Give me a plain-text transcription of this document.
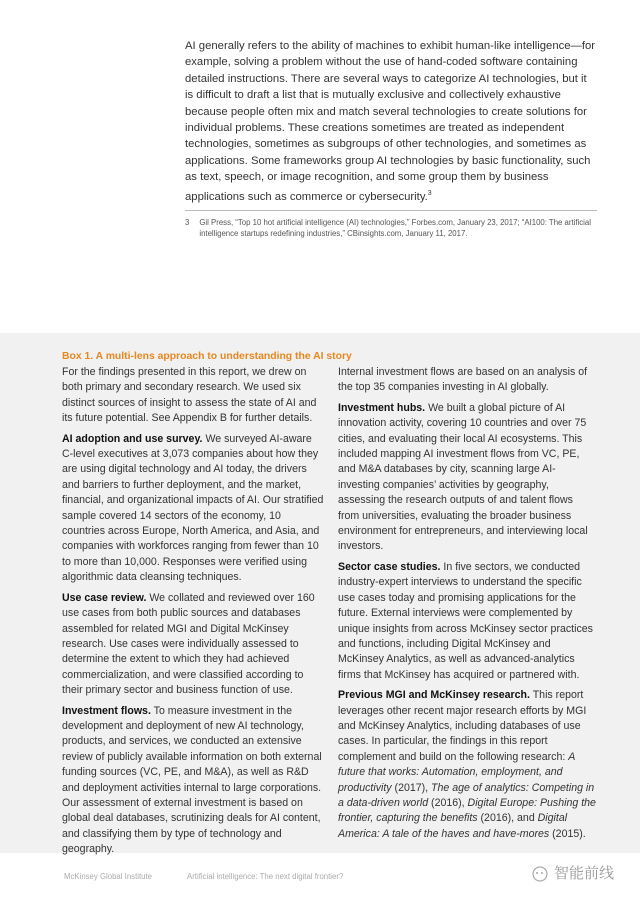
AI generally refers to the ability of machines to exhibit human-like intelligence—for example, solving a problem without the use of hand-coded software containing detailed instructions. There are several ways to categorize AI technologies, but it is difficult to draft a list that is mutually exclusive and collectively exhaustive because people often mix and match several technologies to create solutions for individual problems. These creations sometimes are treated as independent technologies, sometimes as subgroups of other technologies, and sometimes as applications. Some frameworks group AI technologies by basic functionality, such as text, speech, or image recognition, and some group them by business applications such as commerce or cybersecurity.$^3$
3 Gil Press, “Top 10 hot artificial intelligence (AI) technologies,” Forbes.com, January 23, 2017; “AI100: The artificial intelligence startups redefining industries,” CBinsights.com, January 11, 2017.
Box 1. A multi-lens approach to understanding the AI story

For the findings presented in this report, we drew on both primary and secondary research. We used six distinct sources of insight to assess the state of AI and its future potential. See Appendix B for further details.

AI adoption and use survey. We surveyed AI-aware C-level executives at 3,073 companies about how they are using digital technology and AI today, the drivers and barriers to further deployment, and the market, financial, and organizational impacts of AI. Our stratified sample covered 14 sectors of the economy, 10 countries across Europe, North America, and Asia, and companies with workforces ranging from fewer than 10 to more than 10,000. Responses were verified using algorithmic data cleansing techniques.

Use case review. We collated and reviewed over 160 use cases from both public sources and databases assembled for related MGI and Digital McKinsey research. Use cases were individually assessed to determine the extent to which they had achieved commercialization, and were classified according to their primary sector and business function of use.

Investment flows. To measure investment in the development and deployment of new AI technology, products, and services, we conducted an extensive review of publicly available information on both external funding sources (VC, PE, and M&A), as well as R&D and deployment activities internal to large corporations. Our assessment of external investment is based on global deal databases, scrutinizing deals for AI content, and classifying them by type of technology and geography.

Internal investment flows are based on an analysis of the top 35 companies investing in AI globally.

Investment hubs. We built a global picture of AI innovation activity, covering 10 countries and over 75 cities, and evaluating their local AI ecosystems. This included mapping AI investment flows from VC, PE, and M&A databases by city, scanning large AI-investing companies’ activities by geography, assessing the research outputs of and talent flows from universities, evaluating the broader business environment for entrepreneurs, and interviewing local investors.

Sector case studies. In five sectors, we conducted industry-expert interviews to understand the specific use cases today and promising applications for the future. External interviews were complemented by unique insights from across McKinsey sector practices and functions, including Digital McKinsey and McKinsey Analytics, as well as advanced-analytics firms that McKinsey has acquired or partnered with.

Previous MGI and McKinsey research. This report leverages other recent major research efforts by MGI and McKinsey Analytics, including databases of use cases. In particular, the findings in this report complement and build on the following research: A future that works: Automation, employment, and productivity (2017), The age of analytics: Competing in a data-driven world (2016), Digital Europe: Pushing the frontier, capturing the benefits (2016), and Digital America: A tale of the haves and have-mores (2015).

McKinsey Global Institute	Artificial intelligence: The next digital frontier?	智能前线
